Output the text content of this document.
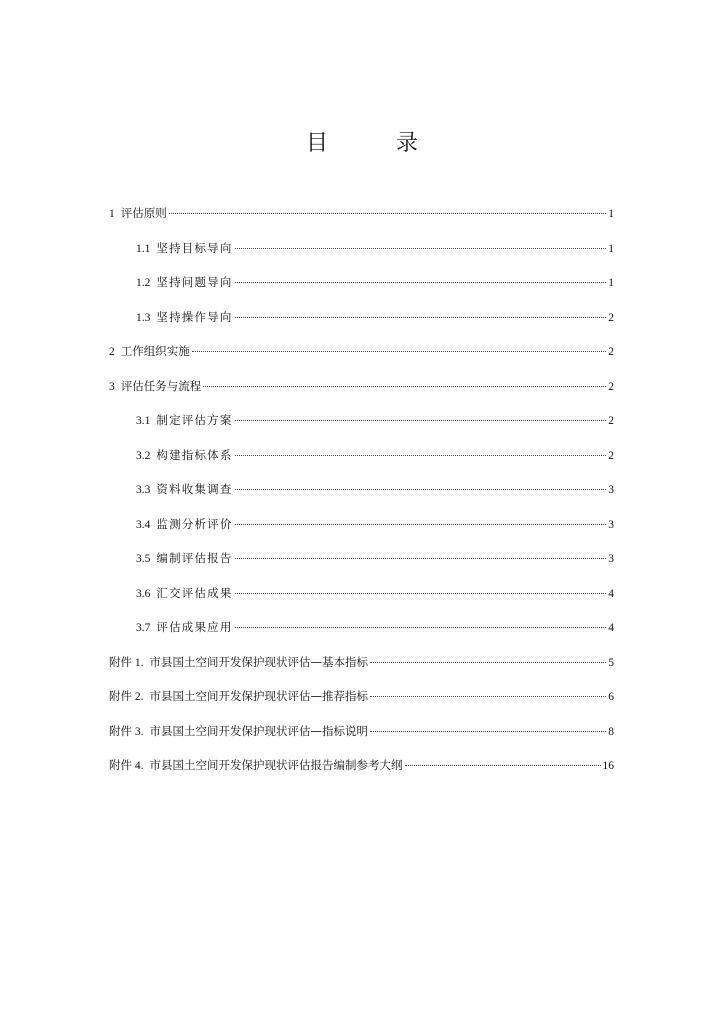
目	录
1 评估原则	1
1.1 坚持目标导向	1
1.2 坚持问题导向	1
1.3 坚持操作导向	2
2 工作组织实施	2
3 评估任务与流程	2
3.1 制定评估方案	2
3.2 构建指标体系	2
3.3 资料收集调查	3
3.4 监测分析评价	3
3.5 编制评估报告	3
3.6 汇交评估成果	4
3.7 评估成果应用	4
附件 1. 市县国土空间开发保护现状评估—基本指标	5
附件 2. 市县国土空间开发保护现状评估—推荐指标	6
附件 3. 市县国土空间开发保护现状评估—指标说明	8
附件 4. 市县国土空间开发保护现状评估报告编制参考大纲	16
